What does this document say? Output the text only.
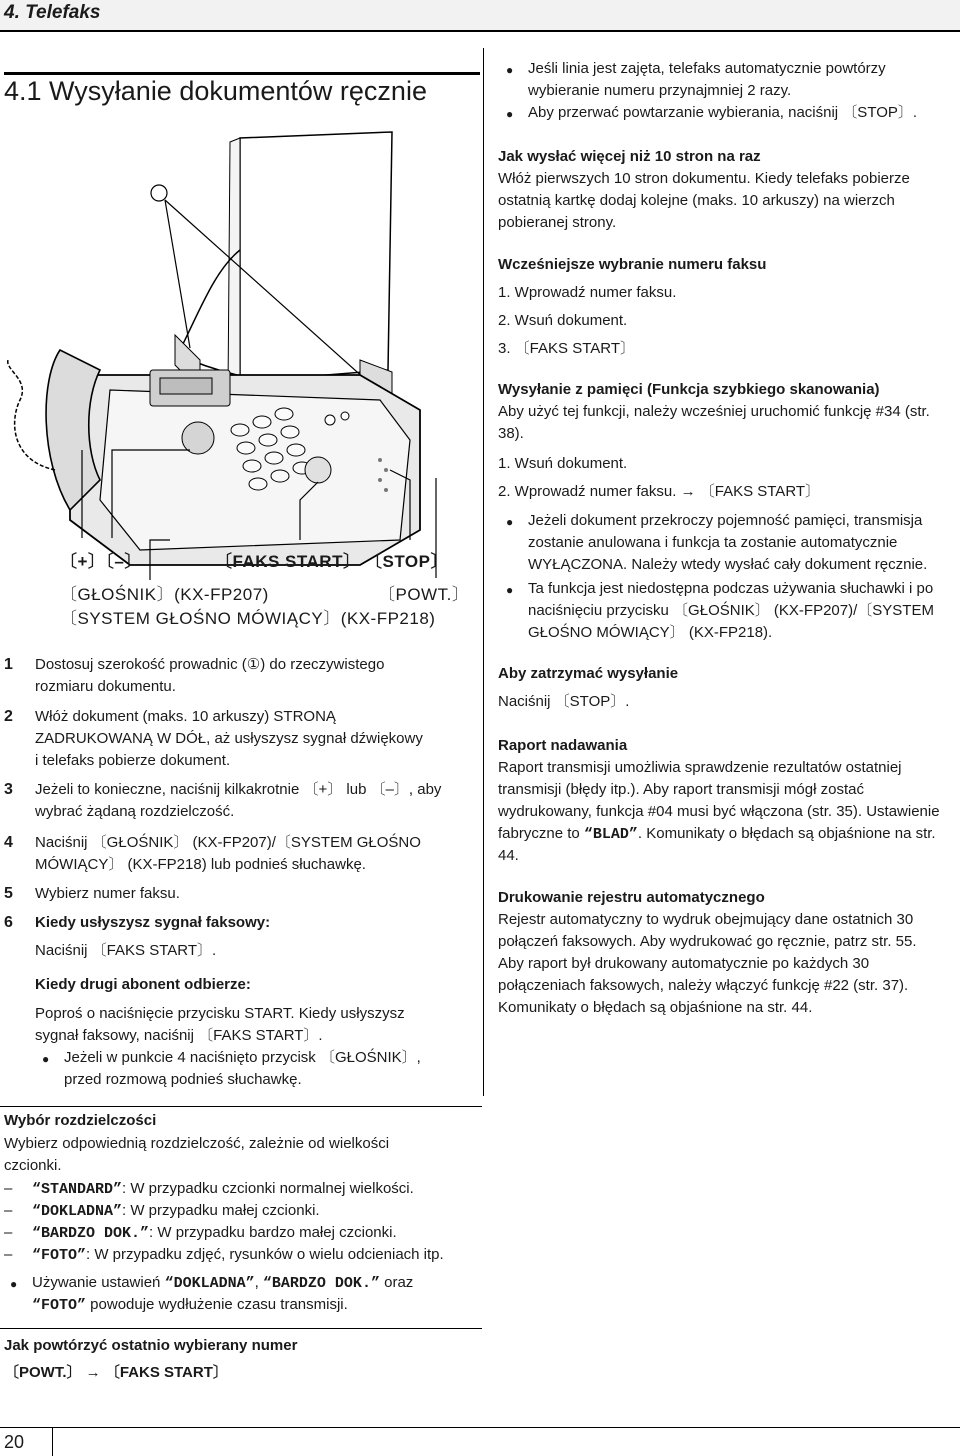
4. Telefaks
4.1 Wysyłanie dokumentów ręcznie
〔+〕〔–〕	〔FAKS START〕 〔STOP〕
〔GŁOŚNIK〕(KX-FP207)	〔POWT.〕
〔SYSTEM GŁOŚNO MÓWIĄCY〕(KX-FP218)
1 Dostosuj szerokość prowadnic (①) do rzeczywistego
rozmiaru dokumentu.
2 Włóż dokument (maks. 10 arkuszy) STRONĄ
ZADRUKOWANĄ W DÓŁ, aż usłyszysz sygnał dźwiękowy
i telefaks pobierze dokument.
3 Jeżeli to konieczne, naciśnij kilkakrotnie 〔+〕 lub 〔–〕, aby
wybrać żądaną rozdzielczość.
4 Naciśnij 〔GŁOŚNIK〕 (KX-FP207)/〔SYSTEM GŁOŚNO
MÓWIĄCY〕 (KX-FP218) lub podnieś słuchawkę.
5 Wybierz numer faksu.
6 Kiedy usłyszysz sygnał faksowy:
Naciśnij 〔FAKS START〕.
Kiedy drugi abonent odbierze:
Poproś o naciśnięcie przycisku START. Kiedy usłyszysz
sygnał faksowy, naciśnij 〔FAKS START〕.
● Jeżeli w punkcie 4 naciśnięto przycisk 〔GŁOŚNIK〕,
przed rozmową podnieś słuchawkę.
Wybór rozdzielczości
Wybierz odpowiednią rozdzielczość, zależnie od wielkości
czcionki.
– “STANDARD”: W przypadku czcionki normalnej wielkości.
– “DOKLADNA”: W przypadku małej czcionki.
– “BARDZO DOK.”: W przypadku bardzo małej czcionki.
– “FOTO”: W przypadku zdjęć, rysunków o wielu odcieniach itp.
● Używanie ustawień “DOKLADNA”, “BARDZO DOK.” oraz
“FOTO” powoduje wydłużenie czasu transmisji.
Jak powtórzyć ostatnio wybierany numer
〔POWT.〕 → 〔FAKS START〕
● Jeśli linia jest zajęta, telefaks automatycznie powtórzy
wybieranie numeru przynajmniej 2 razy.
● Aby przerwać powtarzanie wybierania, naciśnij 〔STOP〕.
Jak wysłać więcej niż 10 stron na raz
Włóż pierwszych 10 stron dokumentu. Kiedy telefaks pobierze
ostatnią kartkę dodaj kolejne (maks. 10 arkuszy) na wierzch
pobieranej strony.
Wcześniejsze wybranie numeru faksu
1. Wprowadź numer faksu.
2. Wsuń dokument.
3. 〔FAKS START〕
Wysyłanie z pamięci (Funkcja szybkiego skanowania)
Aby użyć tej funkcji, należy wcześniej uruchomić funkcję #34 (str.
38).
1. Wsuń dokument.
2. Wprowadź numer faksu. → 〔FAKS START〕
● Jeżeli dokument przekroczy pojemność pamięci, transmisja
zostanie anulowana i funkcja ta zostanie automatycznie
WYŁĄCZONA. Należy wtedy wysłać cały dokument ręcznie.
● Ta funkcja jest niedostępna podczas używania słuchawki i po
naciśnięciu przycisku 〔GŁOŚNIK〕 (KX-FP207)/〔SYSTEM
GŁOŚNO MÓWIĄCY〕 (KX-FP218).
Aby zatrzymać wysyłanie
Naciśnij 〔STOP〕.
Raport nadawania
Raport transmisji umożliwia sprawdzenie rezultatów ostatniej
transmisji (błędy itp.). Aby raport transmisji mógł zostać
wydrukowany, funkcja #04 musi być włączona (str. 35). Ustawienie
fabryczne to “BLAD”. Komunikaty o błędach są objaśnione na str.
44.
Drukowanie rejestru automatycznego
Rejestr automatyczny to wydruk obejmujący dane ostatnich 30
połączeń faksowych. Aby wydrukować go ręcznie, patrz str. 55.
Aby raport był drukowany automatycznie po każdych 30
połączeniach faksowych, należy włączyć funkcję #22 (str. 37).
Komunikaty o błędach są objaśnione na str. 44.
20
